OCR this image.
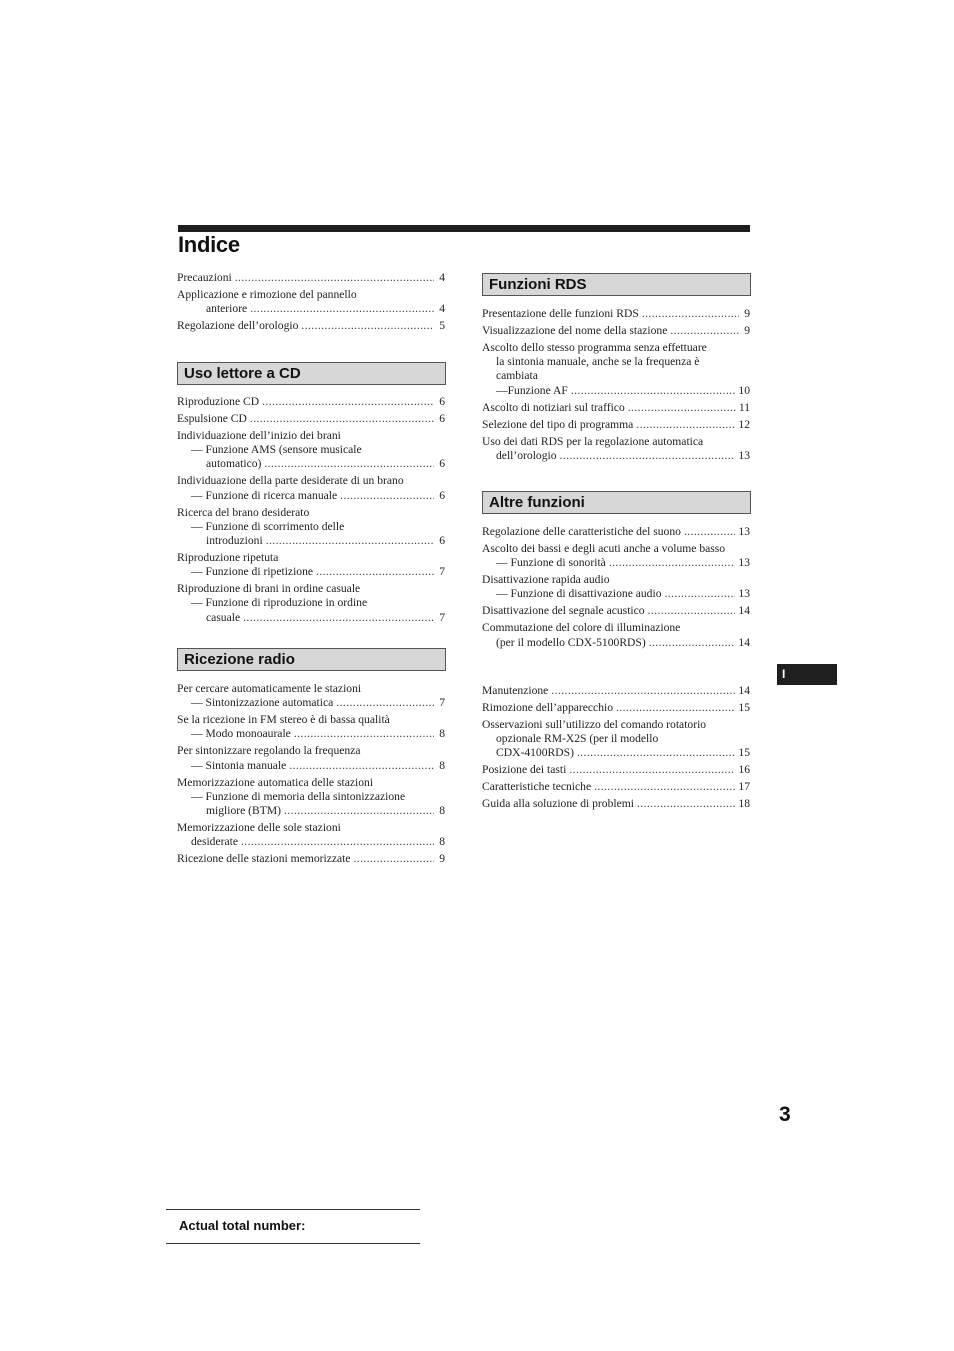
Indice
Precauzioni .....	4
Applicazione e rimozione del pannello
anteriore .....	4
Regolazione dell’orologio .....	5
Uso lettore a CD
Riproduzione CD .....	6
Espulsione CD .....	6
Individuazione dell’inizio dei brani
— Funzione AMS (sensore musicale
automatico) .....	6
Individuazione della parte desiderate di un brano
— Funzione di ricerca manuale .....	6
Ricerca del brano desiderato
— Funzione di scorrimento delle
introduzioni .....	6
Riproduzione ripetuta
— Funzione di ripetizione .....	7
Riproduzione di brani in ordine casuale
— Funzione di riproduzione in ordine
casuale .....	7
Ricezione radio
Per cercare automaticamente le stazioni
— Sintonizzazione automatica .....	7
Se la ricezione in FM stereo è di bassa qualità
— Modo monoaurale .....	8
Per sintonizzare regolando la frequenza
— Sintonia manuale .....	8
Memorizzazione automatica delle stazioni
— Funzione di memoria della sintonizzazione
migliore (BTM) .....	8
Memorizzazione delle sole stazioni
desiderate .....	8
Ricezione delle stazioni memorizzate .....	9
Funzioni RDS
Presentazione delle funzioni RDS .....	9
Visualizzazione del nome della stazione .....	9
Ascolto dello stesso programma senza effettuare
la sintonia manuale, anche se la frequenza è
cambiata
—Funzione AF .....	10
Ascolto di notiziari sul traffico .....	11
Selezione del tipo di programma .....	12
Uso dei dati RDS per la regolazione automatica
dell’orologio .....	13
Altre funzioni
Regolazione delle caratteristiche del suono .....	13
Ascolto dei bassi e degli acuti anche a volume basso
— Funzione di sonorità .....	13
Disattivazione rapida audio
— Funzione di disattivazione audio .....	13
Disattivazione del segnale acustico .....	14
Commutazione del colore di illuminazione
(per il modello CDX-5100RDS) .....	14
Manutenzione .....	14
Rimozione dell’apparecchio .....	15
Osservazioni sull’utilizzo del comando rotatorio
opzionale RM-X2S (per il modello
CDX-4100RDS) .....	15
Posizione dei tasti .....	16
Caratteristiche tecniche .....	17
Guida alla soluzione di problemi .....	18
I
3
Actual total number:
